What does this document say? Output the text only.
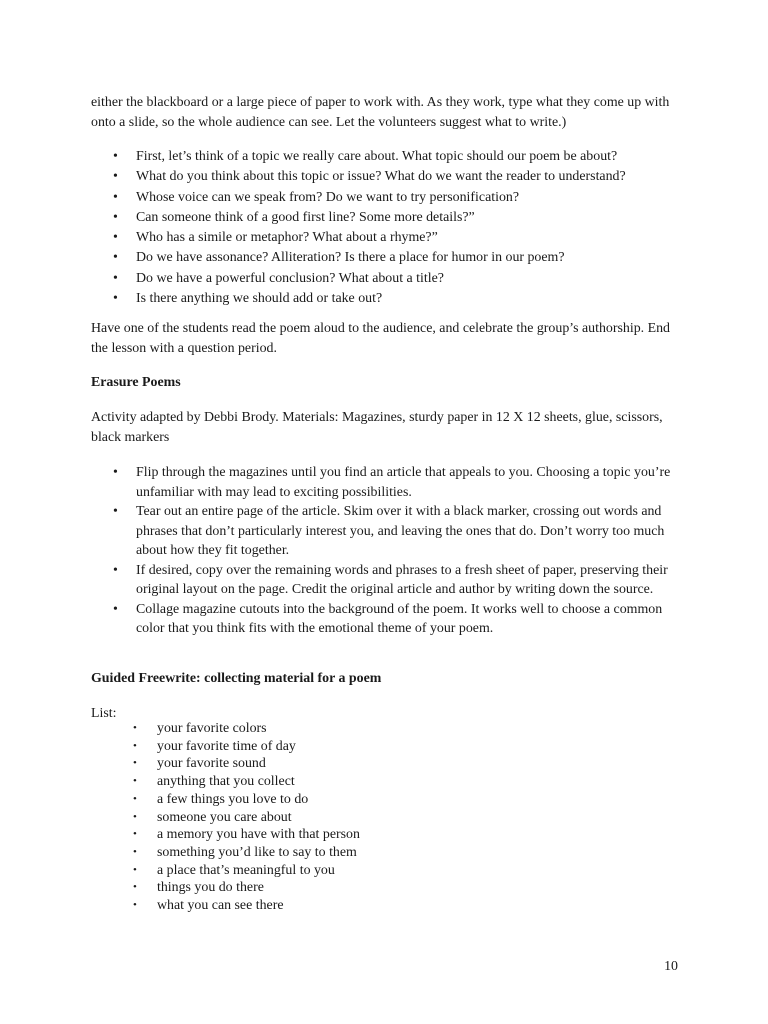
either the blackboard or a large piece of paper to work with. As they work, type what they come up with onto a slide, so the whole audience can see. Let the volunteers suggest what to write.)
• First, let’s think of a topic we really care about. What topic should our poem be about?
• What do you think about this topic or issue? What do we want the reader to understand?
• Whose voice can we speak from? Do we want to try personification?
• Can someone think of a good first line? Some more details?”
• Who has a simile or metaphor? What about a rhyme?”
• Do we have assonance? Alliteration? Is there a place for humor in our poem?
• Do we have a powerful conclusion? What about a title?
• Is there anything we should add or take out?
Have one of the students read the poem aloud to the audience, and celebrate the group’s authorship. End the lesson with a question period.
Erasure Poems
Activity adapted by Debbi Brody. Materials: Magazines, sturdy paper in 12 X 12 sheets, glue, scissors, black markers
• Flip through the magazines until you find an article that appeals to you. Choosing a topic you’re unfamiliar with may lead to exciting possibilities.
• Tear out an entire page of the article. Skim over it with a black marker, crossing out words and phrases that don’t particularly interest you, and leaving the ones that do. Don’t worry too much about how they fit together.
• If desired, copy over the remaining words and phrases to a fresh sheet of paper, preserving their original layout on the page. Credit the original article and author by writing down the source.
• Collage magazine cutouts into the background of the poem. It works well to choose a common color that you think fits with the emotional theme of your poem.
Guided Freewrite: collecting material for a poem
List:
• your favorite colors
• your favorite time of day
• your favorite sound
• anything that you collect
• a few things you love to do
• someone you care about
• a memory you have with that person
• something you’d like to say to them
• a place that’s meaningful to you
• things you do there
• what you can see there
10
